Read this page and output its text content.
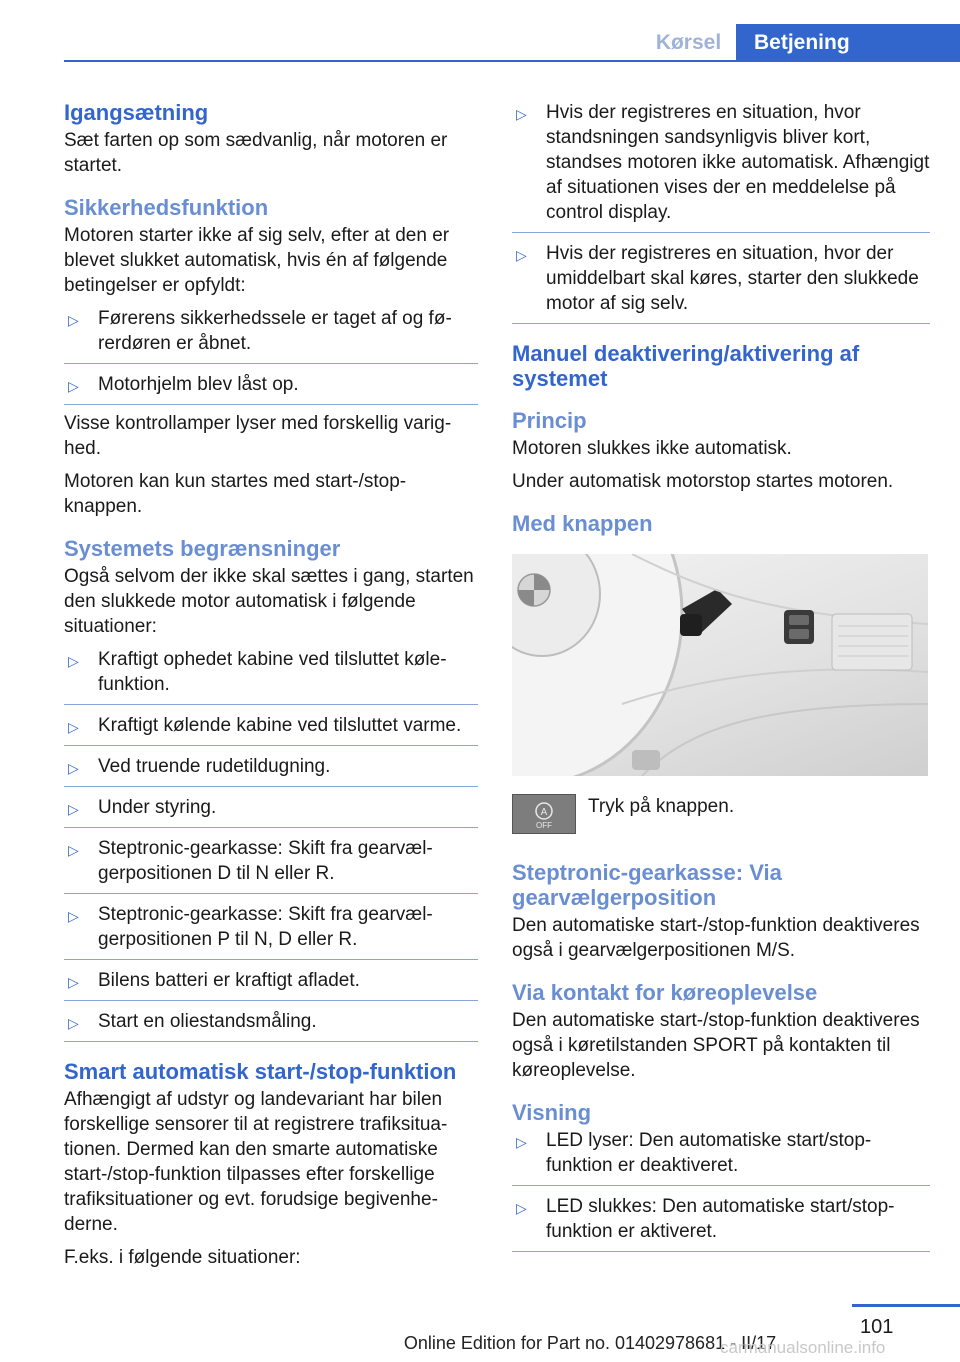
Kørsel	Betjening
Igangsætning

Sæt farten op som sædvanlig, når motoren er startet.

Sikkerhedsfunktion

Motoren starter ikke af sig selv, efter at den er blevet slukket automatisk, hvis én af følgende betingelser er opfyldt:

▷ Førerens sikkerhedssele er taget af og førerdøren er åbnet.
▷ Motorhjelm blev låst op.

Visse kontrollamper lyser med forskellig varighed.

Motoren kan kun startes med start-/stop-knappen.

Systemets begrænsninger

Også selvom der ikke skal sættes i gang, starten den slukkede motor automatisk i følgende situationer:

▷ Kraftigt ophedet kabine ved tilsluttet kølefunktion.
▷ Kraftigt kølende kabine ved tilsluttet varme.
▷ Ved truende rudetildugning.
▷ Under styring.
▷ Steptronic-gearkasse: Skift fra gearvælgerpositionen D til N eller R.
▷ Steptronic-gearkasse: Skift fra gearvælgerpositionen P til N, D eller R.
▷ Bilens batteri er kraftigt afladet.
▷ Start en oliestandsmåling.
Smart automatisk start-/stop-funktion

Afhængigt af udstyr og landevariant har bilen forskellige sensorer til at registrere trafiksituationen. Dermed kan den smarte automatiske start-/stop-funktion tilpasses efter forskellige trafiksituationer og evt. forudsige begivenhederne.

F.eks. i følgende situationer:

▷ Hvis der registreres en situation, hvor standsningen sandsynligvis bliver kort, standses motoren ikke automatisk. Afhængigt af situationen vises der en meddelelse på control display.
▷ Hvis der registreres en situation, hvor der umiddelbart skal køres, starter den slukkede motor af sig selv.
Manuel deaktivering/aktivering af systemet
Princip

Motoren slukkes ikke automatisk.

Under automatisk motorstop startes motoren.

Med knappen
A
OFF
Tryk på knappen.
Steptronic-gearkasse: Via gearvælgerposition

Den automatiske start-/stop-funktion deaktiveres også i gearvælgerpositionen M/S.

Via kontakt for køreoplevelse

Den automatiske start-/stop-funktion deaktiveres også i køretilstanden SPORT på kontakten til køreoplevelse.

Visning
▷ LED lyser: Den automatiske start/stop-funktion er deaktiveret.
▷ LED slukkes: Den automatiske start/stop-funktion er aktiveret.
101
Online Edition for Part no. 01402978681 - II/17
carmanualsonline.info
